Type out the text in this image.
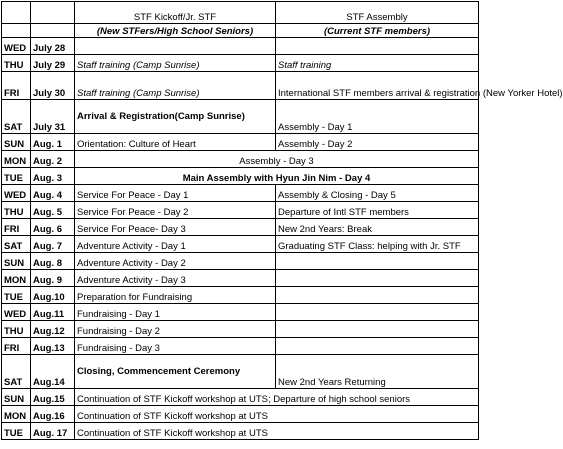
		STF Kickoff/Jr. STF	STF Assembly
		(New STFers/High School Seniors)	(Current STF members)
WED	July 28		
THU	July 29	Staff training (Camp Sunrise)	Staff training
FRI	July 30	Staff training (Camp Sunrise)	International STF members arrival & registration (New Yorker Hotel)
SAT	July 31	Arrival & Registration(Camp Sunrise)	Assembly - Day 1
SUN	Aug. 1	Orientation: Culture of Heart	Assembly - Day 2
MON	Aug. 2	Assembly - Day 3	
TUE	Aug. 3	Main Assembly with Hyun Jin Nim - Day 4	
WED	Aug. 4	Service For Peace - Day 1	Assembly & Closing - Day 5
THU	Aug. 5	Service For Peace - Day 2	Departure of Intl STF members
FRI	Aug. 6	Service For Peace- Day 3	New 2nd Years: Break
SAT	Aug. 7	Adventure Activity - Day 1	Graduating STF Class: helping with Jr. STF
SUN	Aug. 8	Adventure Activity - Day 2	
MON	Aug. 9	Adventure Activity - Day 3	
TUE	Aug.10	Preparation for Fundraising	
WED	Aug.11	Fundraising - Day 1	
THU	Aug.12	Fundraising - Day 2	
FRI	Aug.13	Fundraising - Day 3	
SAT	Aug.14	Closing, Commencement Ceremony	New 2nd Years Returning
SUN	Aug.15	Continuation of STF Kickoff workshop at UTS; Departure of high school seniors	
MON	Aug.16	Continuation of STF Kickoff workshop at UTS	
TUE	Aug. 17	Continuation of STF Kickoff workshop at UTS	
